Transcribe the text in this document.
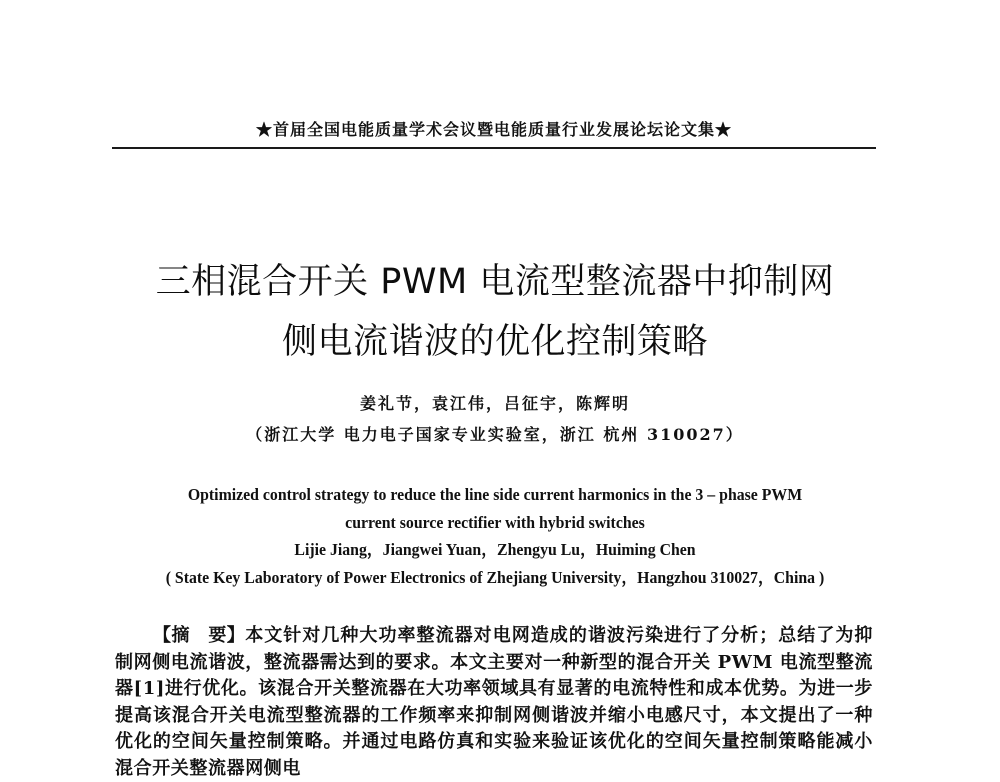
★首届全国电能质量学术会议暨电能质量行业发展论坛论文集★
三相混合开关 PWM 电流型整流器中抑制网
侧电流谐波的优化控制策略
姜礼节，袁江伟，吕征宇，陈辉明
（浙江大学 电力电子国家专业实验室，浙江 杭州 310027）
Optimized control strategy to reduce the line side current harmonics in the 3 – phase PWM
current source rectifier with hybrid switches
Lijie Jiang，Jiangwei Yuan，Zhengyu Lu，Huiming Chen
( State Key Laboratory of Power Electronics of Zhejiang University，Hangzhou 310027，China )
【摘　要】本文针对几种大功率整流器对电网造成的谐波污染进行了分析；总结了为抑制网侧电流谐波，整流器需达到的要求。本文主要对一种新型的混合开关 PWM 电流型整流器[1]进行优化。该混合开关整流器在大功率领域具有显著的电流特性和成本优势。为进一步提高该混合开关电流型整流器的工作频率来抑制网侧谐波并缩小电感尺寸，本文提出了一种优化的空间矢量控制策略。并通过电路仿真和实验来验证该优化的空间矢量控制策略能减小混合开关整流器网侧电
